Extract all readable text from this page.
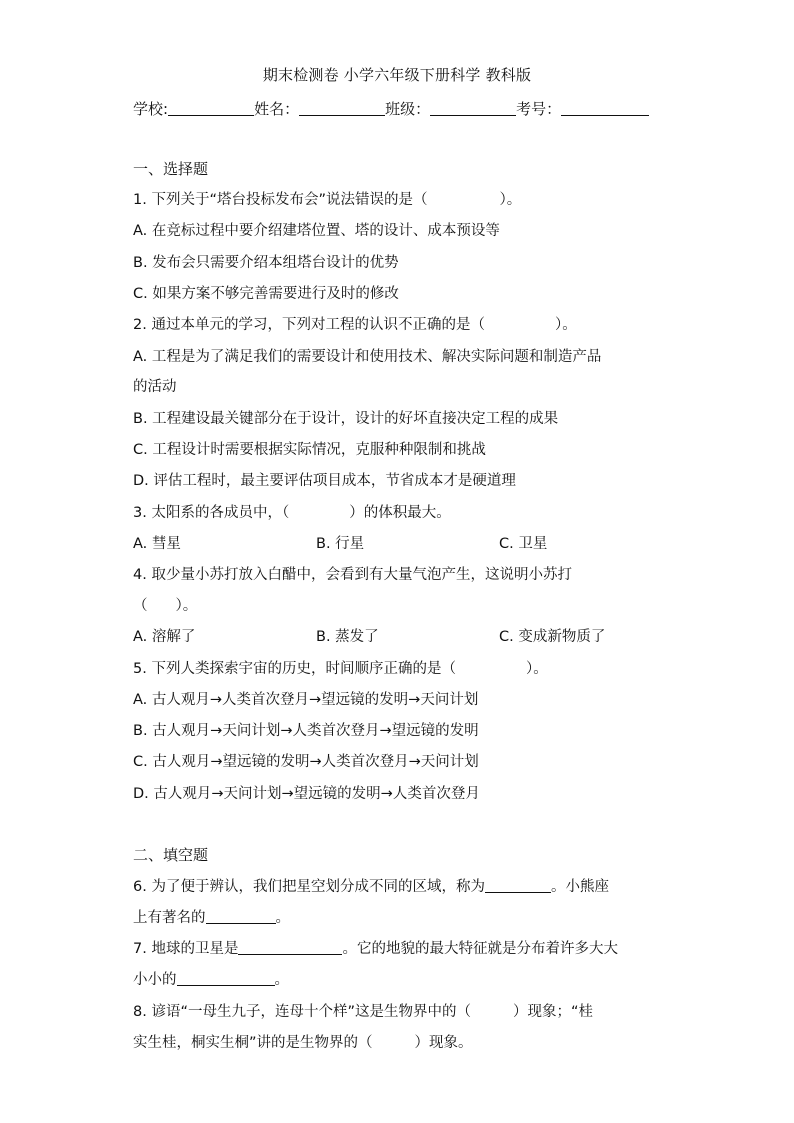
期末检测卷 小学六年级下册科学 教科版
学校:	姓名：	班级：	考号：
一、选择题
1. 下列关于“塔台投标发布会”说法错误的是（	）。
A. 在竞标过程中要介绍建塔位置、塔的设计、成本预设等
B. 发布会只需要介绍本组塔台设计的优势
C. 如果方案不够完善需要进行及时的修改
2. 通过本单元的学习，下列对工程的认识不正确的是（	）。
A. 工程是为了满足我们的需要设计和使用技术、解决实际问题和制造产品
的活动
B. 工程建设最关键部分在于设计，设计的好坏直接决定工程的成果
C. 工程设计时需要根据实际情况，克服种种限制和挑战
D. 评估工程时，最主要评估项目成本，节省成本才是硬道理
3. 太阳系的各成员中，（	）的体积最大。
A. 彗星	B. 行星	C. 卫星
4. 取少量小苏打放入白醋中，会看到有大量气泡产生，这说明小苏打
（ ）。
A. 溶解了	B. 蒸发了	C. 变成新物质了
5. 下列人类探索宇宙的历史，时间顺序正确的是（	）。
A. 古人观月→人类首次登月→望远镜的发明→天问计划
B. 古人观月→天问计划→人类首次登月→望远镜的发明
C. 古人观月→望远镜的发明→人类首次登月→天问计划
D. 古人观月→天问计划→望远镜的发明→人类首次登月
二、填空题
6. 为了便于辨认，我们把星空划分成不同的区域，称为	。小熊座
上有著名的	。
7. 地球的卫星是	。它的地貌的最大特征就是分布着许多大大
小小的	。
8. 谚语“一母生九子，连母十个样”这是生物界中的（	）现象；“桂
实生桂，桐实生桐”讲的是生物界的（	）现象。
